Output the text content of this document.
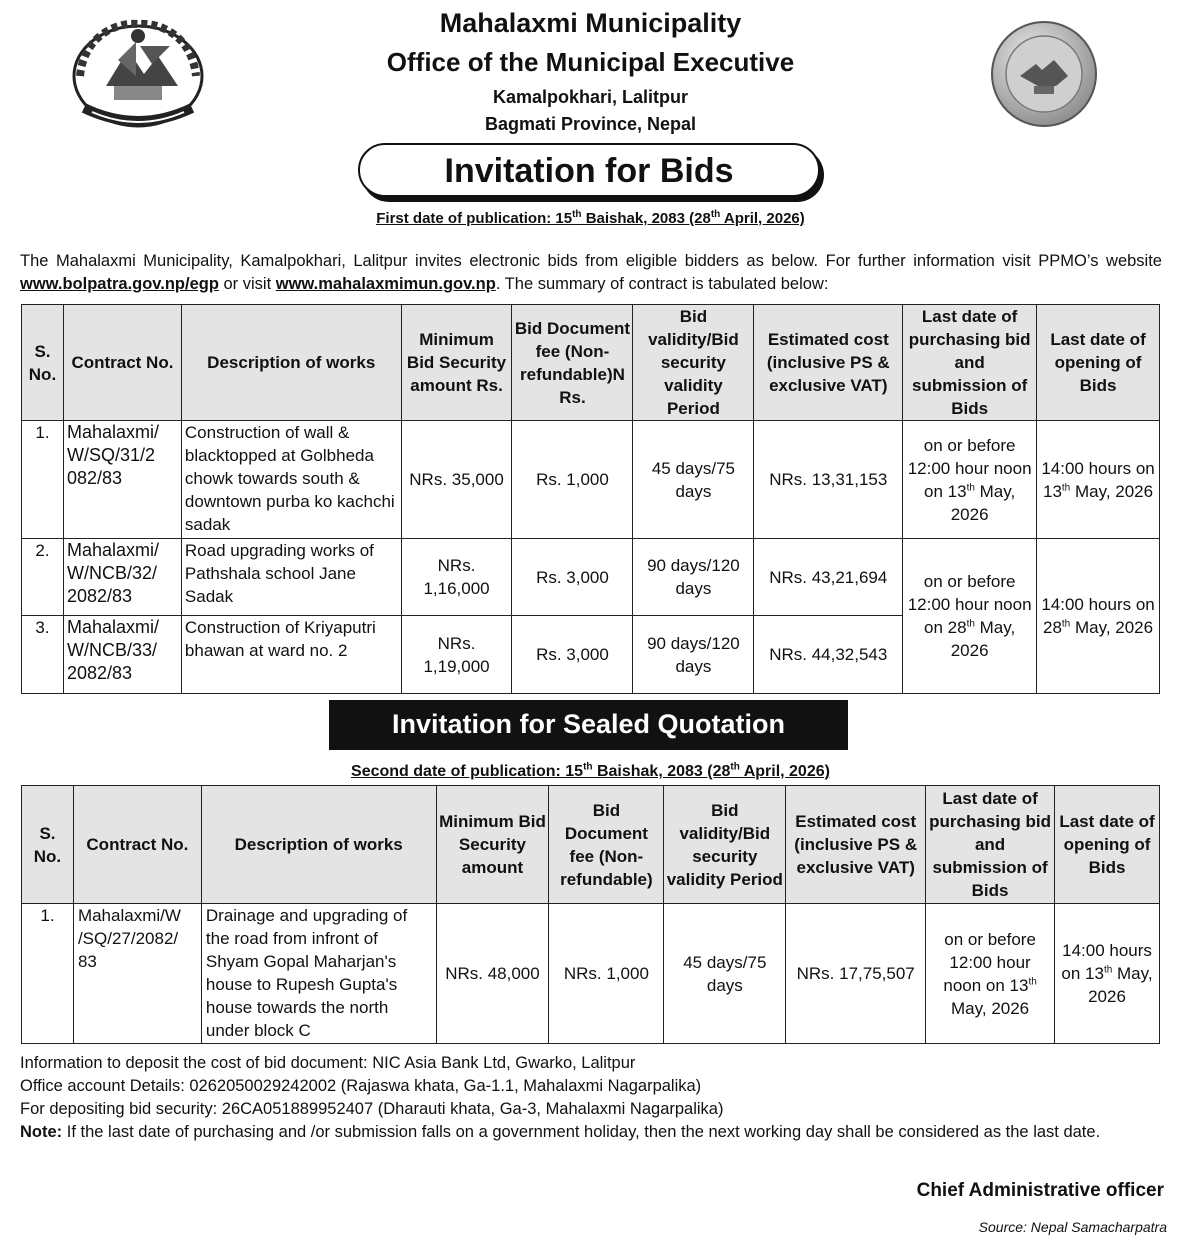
Mahalaxmi Municipality
Office of the Municipal Executive
Kamalpokhari, Lalitpur
Bagmati Province, Nepal
Invitation for Bids
First date of publication: 15th Baishak, 2083 (28th April, 2026)

The Mahalaxmi Municipality, Kamalpokhari, Lalitpur invites electronic bids from eligible bidders as below. For further information visit PPMO’s website www.bolpatra.gov.np/egp or visit www.mahalaxmimun.gov.np. The summary of contract is tabulated below:

S. No.	Contract No.	Description of works	Minimum Bid Security amount Rs.	Bid Document fee (Non-refundable)N Rs.	Bid validity/Bid security validity Period	Estimated cost (inclusive PS & exclusive VAT)	Last date of purchasing bid and submission of Bids	Last date of opening of Bids
1.	Mahalaxmi/ W/SQ/31/2 082/83	Construction of wall & blacktopped at Golbheda chowk towards south & downtown purba ko kachchi sadak	NRs. 35,000	Rs. 1,000	45 days/75 days	NRs. 13,31,153	on or before 12:00 hour noon on 13th May, 2026	14:00 hours on 13th May, 2026
2.	Mahalaxmi/ W/NCB/32/ 2082/83	Road upgrading works of Pathshala school Jane Sadak	NRs. 1,16,000	Rs. 3,000	90 days/120 days	NRs. 43,21,694	on or before 12:00 hour noon on 28th May, 2026	14:00 hours on 28th May, 2026
3.	Mahalaxmi/ W/NCB/33/ 2082/83	Construction of Kriyaputri bhawan at ward no. 2	NRs. 1,19,000	Rs. 3,000	90 days/120 days	NRs. 44,32,543		
Invitation for Sealed Quotation
Second date of publication: 15th Baishak, 2083 (28th April, 2026)
S. No.	Contract No.	Description of works	Minimum Bid Security amount	Bid Document fee (Non-refundable)	Bid validity/Bid security validity Period	Estimated cost (inclusive PS & exclusive VAT)	Last date of purchasing bid and submission of Bids	Last date of opening of Bids
1.	Mahalaxmi/W /SQ/27/2082/ 83	Drainage and upgrading of the road from infront of Shyam Gopal Maharjan's house to Rupesh Gupta's house towards the north under block C	NRs. 48,000	NRs. 1,000	45 days/75 days	NRs. 17,75,507	on or before 12:00 hour noon on 13th May, 2026	14:00 hours on 13th May, 2026
Information to deposit the cost of bid document: NIC Asia Bank Ltd, Gwarko, Lalitpur
Office account Details: 0262050029242002 (Rajaswa khata, Ga-1.1, Mahalaxmi Nagarpalika)
For depositing bid security: 26CA051889952407 (Dharauti khata, Ga-3, Mahalaxmi Nagarpalika)
Note: If the last date of purchasing and /or submission falls on a government holiday, then the next working day shall be considered as the last date.
Chief Administrative officer
Source: Nepal Samacharpatra
